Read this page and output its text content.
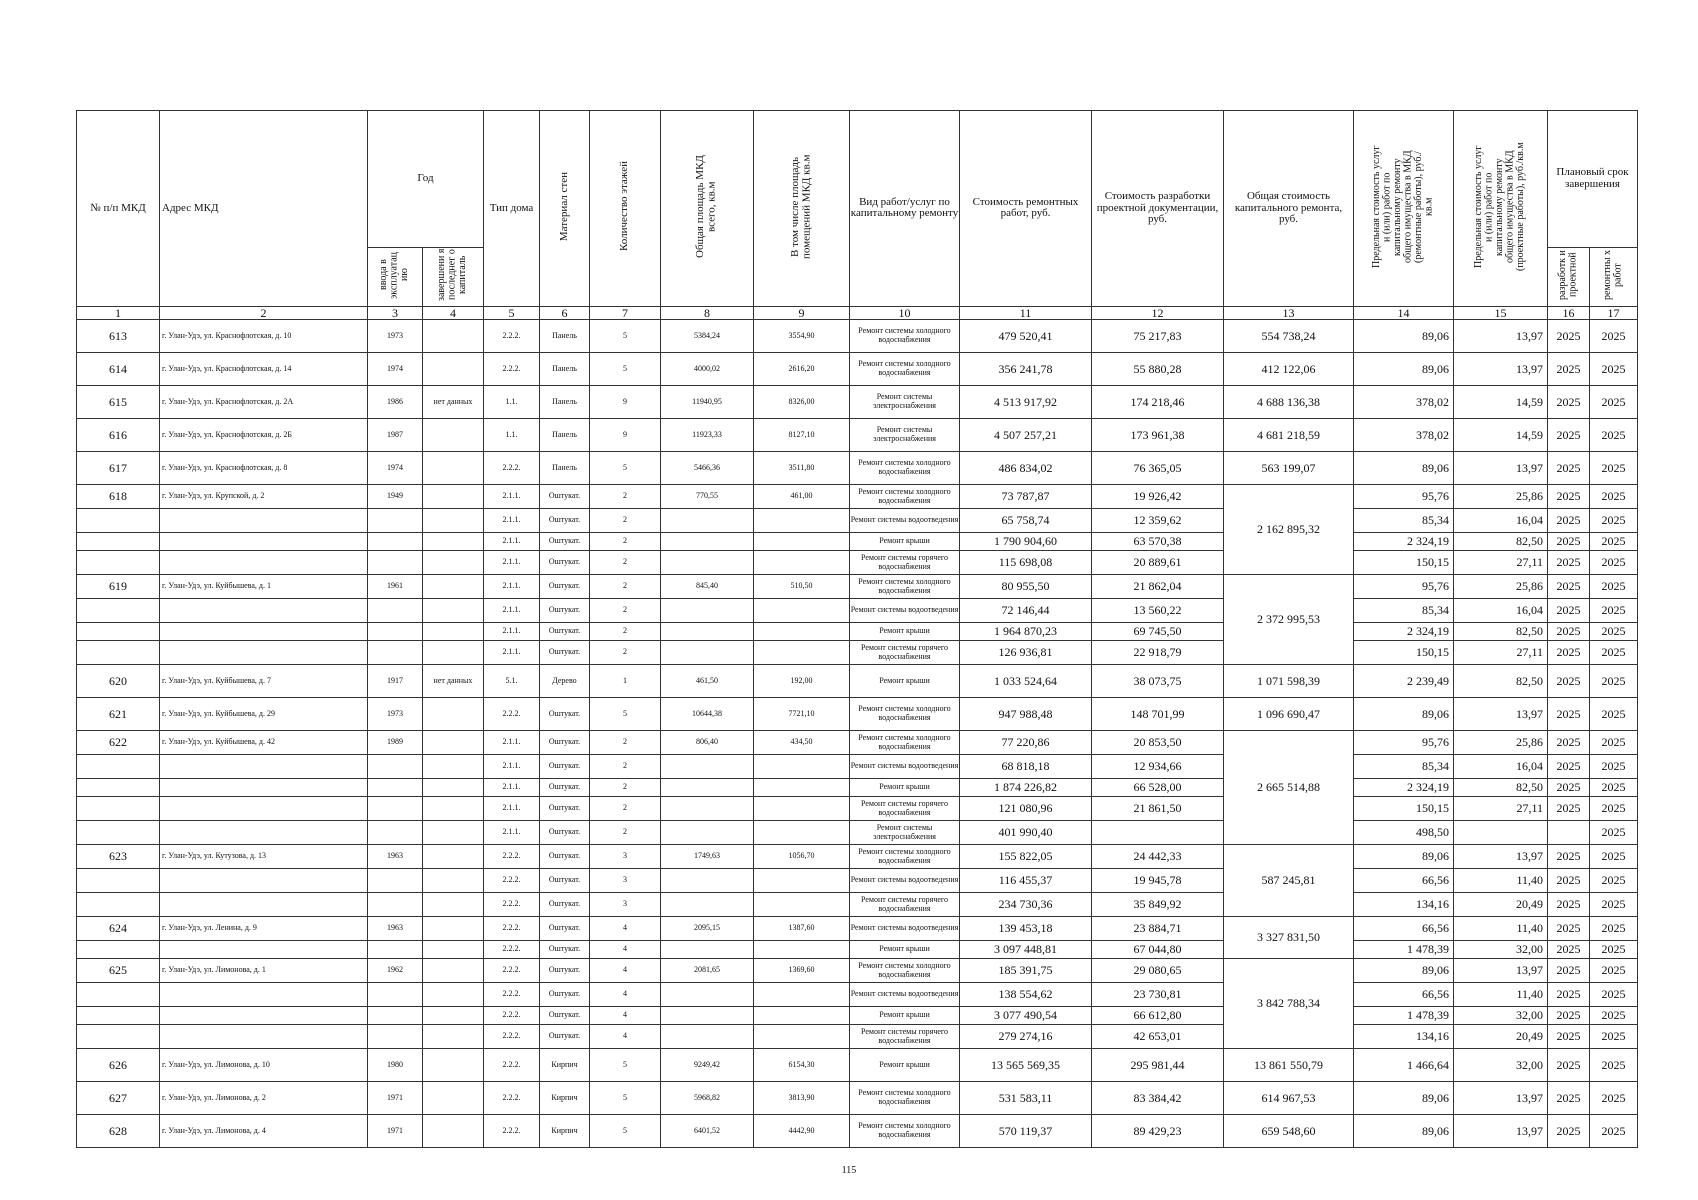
№ п/п МКД	Адрес МКД	Год		Тип дома	Материал стен	Количество этажей	Общая площадь МКД всего, кв.м	В том числе площадь помещений МКД кв.м	Вид работ/услуг по капитальному ремонту	Стоимость ремонтных работ, руб.	Стоимость разработки проектной документации, руб.	Общая стоимость капитального ремонта, руб.	Предельная стоимость услуг и (или) работ по капитальному ремонту общего имущества в МКД (ремонтные работы), руб./кв.м	Предельная стоимость услуг и (или) работ по капитальному ремонту общего имущества в МКД (проектные работы), руб./кв.м	Плановый срок завершения	
		ввода в эксплуатац ию	завершени я последнег о капиталь												разработк и проектной	ремонтны х работ
1	2	3	4	5	6	7	8	9	10	11	12	13	14	15	16	17
613	г. Улан-Удэ, ул. Краснофлотская, д. 10	1973		2.2.2.	Панель	5	5384,24	3554,90	Ремонт системы холодного водоснабжения	479 520,41	75 217,83	554 738,24	89,06	13,97	2025	2025
614	г. Улан-Удэ, ул. Краснофлотская, д. 14	1974		2.2.2.	Панель	5	4000,02	2616,20	Ремонт системы холодного водоснабжения	356 241,78	55 880,28	412 122,06	89,06	13,97	2025	2025
615	г. Улан-Удэ, ул. Краснофлотская, д. 2А	1986	нет данных	1.1.	Панель	9	11940,95	8326,00	Ремонт системы электроснабжения	4 513 917,92	174 218,46	4 688 136,38	378,02	14,59	2025	2025
616	г. Улан-Удэ, ул. Краснофлотская, д. 2Б	1987		1.1.	Панель	9	11923,33	8127,10	Ремонт системы электроснабжения	4 507 257,21	173 961,38	4 681 218,59	378,02	14,59	2025	2025
617	г. Улан-Удэ, ул. Краснофлотская, д. 8	1974		2.2.2.	Панель	5	5466,36	3511,80	Ремонт системы холодного водоснабжения	486 834,02	76 365,05	563 199,07	89,06	13,97	2025	2025
618	г. Улан-Удэ, ул. Крупской, д. 2	1949		2.1.1.	Оштукат.	2	770,55	461,00	Ремонт системы холодного водоснабжения	73 787,87	19 926,42	2 162 895,32	95,76	25,86	2025	2025
				2.1.1.	Оштукат.	2			Ремонт системы водоотведения	65 758,74	12 359,62		85,34	16,04	2025	2025
				2.1.1.	Оштукат.	2			Ремонт крыши	1 790 904,60	63 570,38		2 324,19	82,50	2025	2025
				2.1.1.	Оштукат.	2			Ремонт системы горячего водоснабжения	115 698,08	20 889,61		150,15	27,11	2025	2025
619	г. Улан-Удэ, ул. Куйбышева, д. 1	1961		2.1.1.	Оштукат.	2	845,40	510,50	Ремонт системы холодного водоснабжения	80 955,50	21 862,04	2 372 995,53	95,76	25,86	2025	2025
				2.1.1.	Оштукат.	2			Ремонт системы водоотведения	72 146,44	13 560,22		85,34	16,04	2025	2025
				2.1.1.	Оштукат.	2			Ремонт крыши	1 964 870,23	69 745,50		2 324,19	82,50	2025	2025
				2.1.1.	Оштукат.	2			Ремонт системы горячего водоснабжения	126 936,81	22 918,79		150,15	27,11	2025	2025
620	г. Улан-Удэ, ул. Куйбышева, д. 7	1917	нет данных	5.1.	Дерево	1	461,50	192,00	Ремонт крыши	1 033 524,64	38 073,75	1 071 598,39	2 239,49	82,50	2025	2025
621	г. Улан-Удэ, ул. Куйбышева, д. 29	1973		2.2.2.	Оштукат.	5	10644,38	7721,10	Ремонт системы холодного водоснабжения	947 988,48	148 701,99	1 096 690,47	89,06	13,97	2025	2025
622	г. Улан-Удэ, ул. Куйбышева, д. 42	1989		2.1.1.	Оштукат.	2	806,40	434,50	Ремонт системы холодного водоснабжения	77 220,86	20 853,50	2 665 514,88	95,76	25,86	2025	2025
				2.1.1.	Оштукат.	2			Ремонт системы водоотведения	68 818,18	12 934,66		85,34	16,04	2025	2025
				2.1.1.	Оштукат.	2			Ремонт крыши	1 874 226,82	66 528,00		2 324,19	82,50	2025	2025
				2.1.1.	Оштукат.	2			Ремонт системы горячего водоснабжения	121 080,96	21 861,50		150,15	27,11	2025	2025
				2.1.1.	Оштукат.	2			Ремонт системы электроснабжения	401 990,40			498,50			2025
623	г. Улан-Удэ, ул. Кутузова, д. 13	1963		2.2.2.	Оштукат.	3	1749,63	1056,70	Ремонт системы холодного водоснабжения	155 822,05	24 442,33	587 245,81	89,06	13,97	2025	2025
				2.2.2.	Оштукат.	3			Ремонт системы водоотведения	116 455,37	19 945,78		66,56	11,40	2025	2025
				2.2.2.	Оштукат.	3			Ремонт системы горячего водоснабжения	234 730,36	35 849,92		134,16	20,49	2025	2025
624	г. Улан-Удэ, ул. Ленина, д. 9	1963		2.2.2.	Оштукат.	4	2095,15	1387,60	Ремонт системы водоотведения	139 453,18	23 884,71	3 327 831,50	66,56	11,40	2025	2025
				2.2.2.	Оштукат.	4			Ремонт крыши	3 097 448,81	67 044,80		1 478,39	32,00	2025	2025
625	г. Улан-Удэ, ул. Лимонова, д. 1	1962		2.2.2.	Оштукат.	4	2081,65	1369,60	Ремонт системы холодного водоснабжения	185 391,75	29 080,65	3 842 788,34	89,06	13,97	2025	2025
				2.2.2.	Оштукат.	4			Ремонт системы водоотведения	138 554,62	23 730,81		66,56	11,40	2025	2025
				2.2.2.	Оштукат.	4			Ремонт крыши	3 077 490,54	66 612,80		1 478,39	32,00	2025	2025
				2.2.2.	Оштукат.	4			Ремонт системы горячего водоснабжения	279 274,16	42 653,01		134,16	20,49	2025	2025
626	г. Улан-Удэ, ул. Лимонова, д. 10	1980		2.2.2.	Кирпич	5	9249,42	6154,30	Ремонт крыши	13 565 569,35	295 981,44	13 861 550,79	1 466,64	32,00	2025	2025
627	г. Улан-Удэ, ул. Лимонова, д. 2	1971		2.2.2.	Кирпич	5	5968,82	3813,90	Ремонт системы холодного водоснабжения	531 583,11	83 384,42	614 967,53	89,06	13,97	2025	2025
628	г. Улан-Удэ, ул. Лимонова, д. 4	1971		2.2.2.	Кирпич	5	6401,52	4442,90	Ремонт системы холодного водоснабжения	570 119,37	89 429,23	659 548,60	89,06	13,97	2025	2025
115
